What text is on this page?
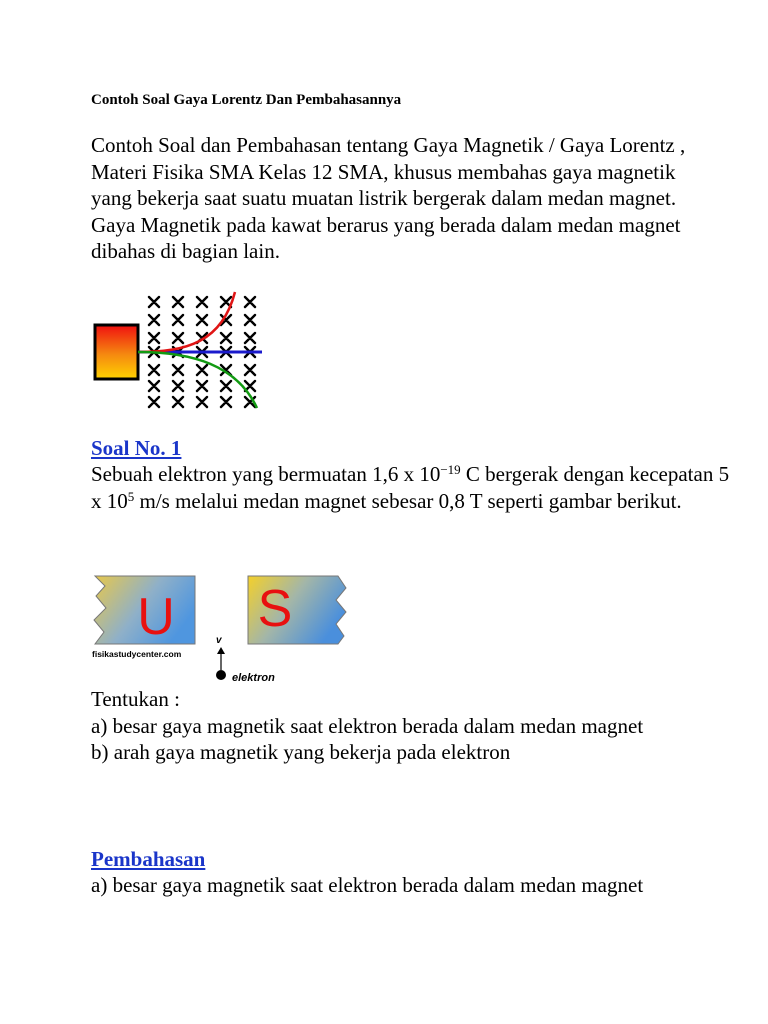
Contoh Soal Gaya Lorentz Dan Pembahasannya
Contoh Soal dan Pembahasan tentang Gaya Magnetik / Gaya Lorentz , Materi Fisika SMA Kelas 12 SMA, khusus membahas gaya magnetik yang bekerja saat suatu muatan listrik bergerak dalam medan magnet. Gaya Magnetik pada kawat berarus yang berada dalam medan magnet dibahas di bagian lain.
Soal No. 1
Sebuah elektron yang bermuatan 1,6 x $10^{-19}$ C bergerak dengan kecepatan 5 x $10^5$ m/s melalui medan magnet sebesar 0,8 T seperti gambar berikut.
U
fisikastudycenter.com
S
v
elektron
Tentukan :
a) besar gaya magnetik saat elektron berada dalam medan magnet
b) arah gaya magnetik yang bekerja pada elektron
Pembahasan
a) besar gaya magnetik saat elektron berada dalam medan magnet
